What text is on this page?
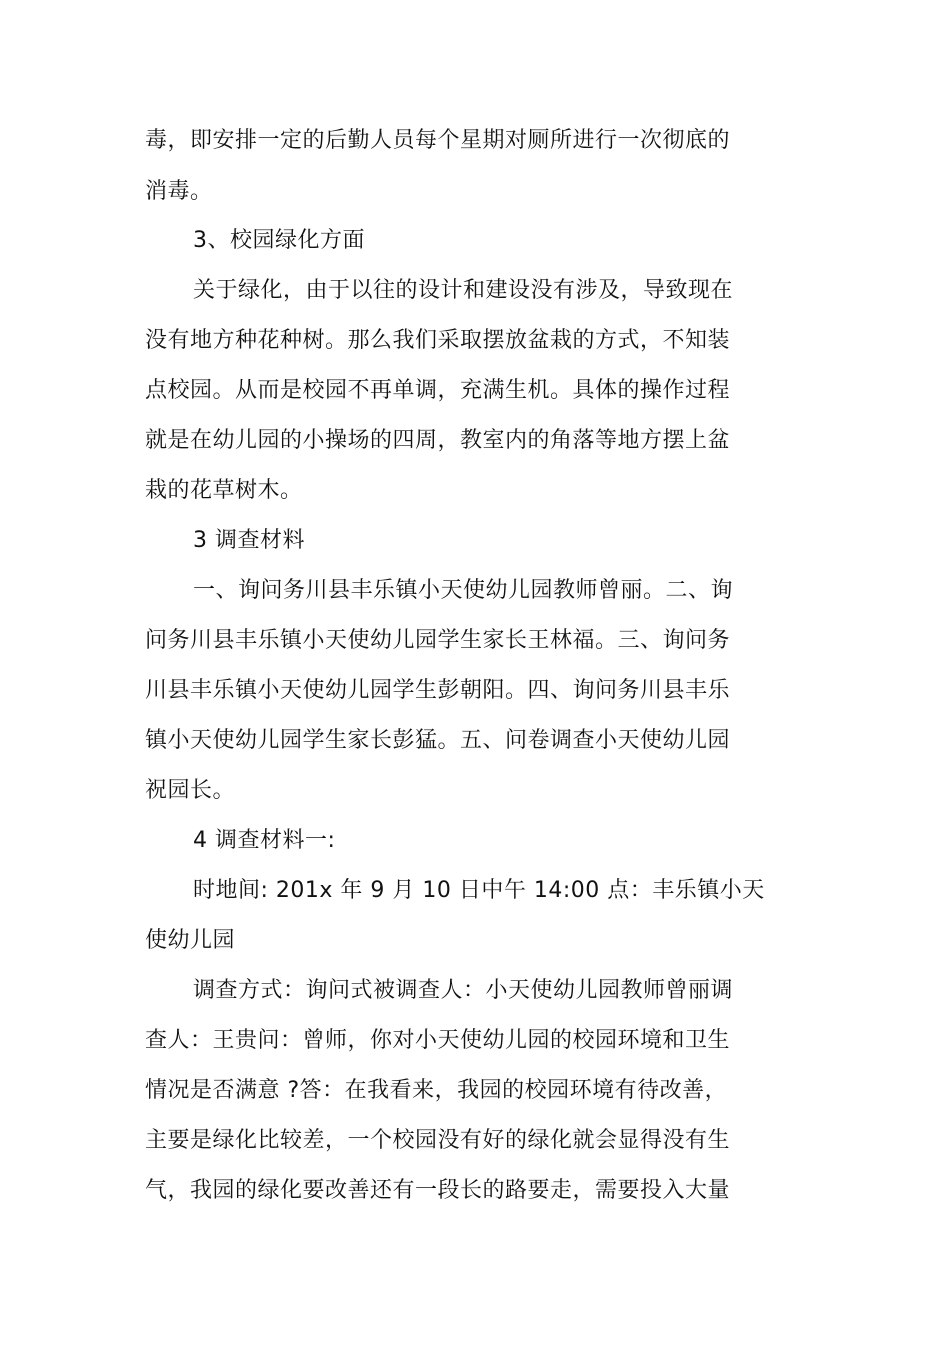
毒，即安排一定的后勤人员每个星期对厕所进行一次彻底的
消毒。
3、校园绿化方面
关于绿化，由于以往的设计和建设没有涉及，导致现在
没有地方种花种树。那么我们采取摆放盆栽的方式，不知装
点校园。从而是校园不再单调，充满生机。具体的操作过程
就是在幼儿园的小操场的四周，教室内的角落等地方摆上盆
栽的花草树木。
3 调查材料
一、询问务川县丰乐镇小天使幼儿园教师曾丽。二、询
问务川县丰乐镇小天使幼儿园学生家长王林福。三、询问务
川县丰乐镇小天使幼儿园学生彭朝阳。四、询问务川县丰乐
镇小天使幼儿园学生家长彭猛。五、问卷调查小天使幼儿园
祝园长。
4 调查材料一:
时地间: 201x 年 9 月 10 日中午 14:00 点：丰乐镇小天
使幼儿园
调查方式：询问式被调查人：小天使幼儿园教师曾丽调
查人：王贵问：曾师，你对小天使幼儿园的校园环境和卫生
情况是否满意 ?答：在我看来，我园的校园环境有待改善，
主要是绿化比较差，一个校园没有好的绿化就会显得没有生
气，我园的绿化要改善还有一段长的路要走，需要投入大量
